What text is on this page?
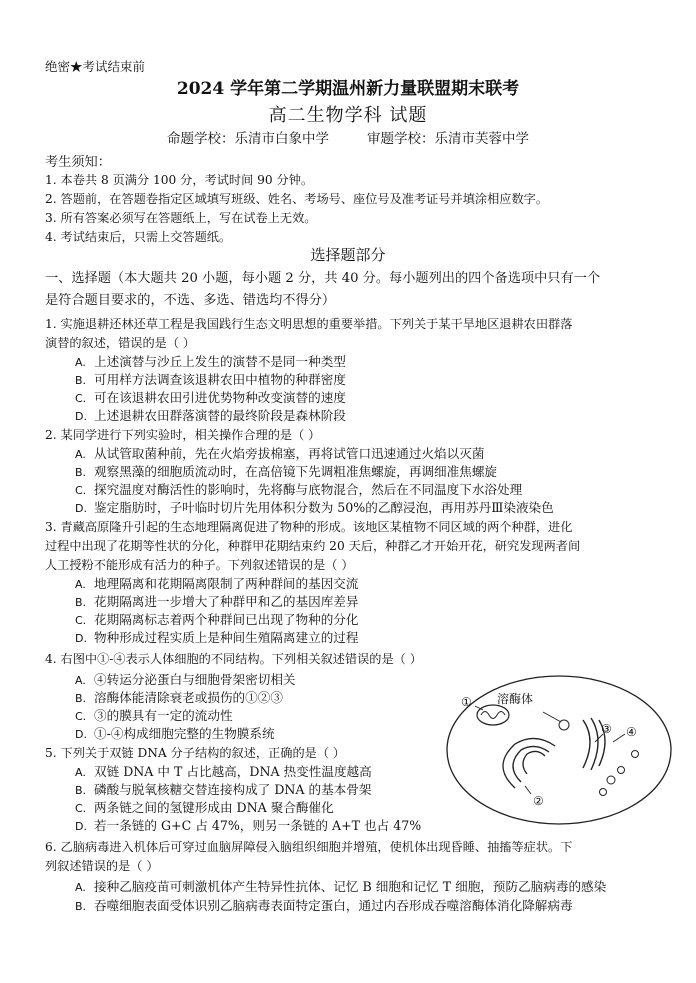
绝密★考试结束前
2024 学年第二学期温州新力量联盟期末联考
高二生物学科 试题
命题学校：乐清市白象中学	审题学校：乐清市芙蓉中学
考生须知：
1. 本卷共 8 页满分 100 分，考试时间 90 分钟。
2. 答题前，在答题卷指定区域填写班级、姓名、考场号、座位号及准考证号并填涂相应数字。
3. 所有答案必须写在答题纸上，写在试卷上无效。
4. 考试结束后，只需上交答题纸。
选择题部分
一、选择题（本大题共 20 小题，每小题 2 分，共 40 分。每小题列出的四个备选项中只有一个
是符合题目要求的，不选、多选、错选均不得分）
1. 实施退耕还林还草工程是我国践行生态文明思想的重要举措。下列关于某干旱地区退耕农田群落
演替的叙述，错误的是（ ）
A. 上述演替与沙丘上发生的演替不是同一种类型
B. 可用样方法调查该退耕农田中植物的种群密度
C. 可在该退耕农田引进优势物种改变演替的速度
D. 上述退耕农田群落演替的最终阶段是森林阶段
2. 某同学进行下列实验时，相关操作合理的是（ ）
A. 从试管取菌种前，先在火焰旁拔棉塞，再将试管口迅速通过火焰以灭菌
B. 观察黑藻的细胞质流动时，在高倍镜下先调粗准焦螺旋，再调细准焦螺旋
C. 探究温度对酶活性的影响时，先将酶与底物混合，然后在不同温度下水浴处理
D. 鉴定脂肪时，子叶临时切片先用体积分数为 50%的乙醇浸泡，再用苏丹Ⅲ染液染色
3. 青藏高原隆升引起的生态地理隔离促进了物种的形成。该地区某植物不同区域的两个种群，进化
过程中出现了花期等性状的分化，种群甲花期结束约 20 天后，种群乙才开始开花，研究发现两者间
人工授粉不能形成有活力的种子。下列叙述错误的是（ ）
A. 地理隔离和花期隔离限制了两种群间的基因交流
B. 花期隔离进一步增大了种群甲和乙的基因库差异
C. 花期隔离标志着两个种群间已出现了物种的分化
D. 物种形成过程实质上是种间生殖隔离建立的过程
4. 右图中①-④表示人体细胞的不同结构。下列相关叙述错误的是（ ）
A. ④转运分泌蛋白与细胞骨架密切相关
B. 溶酶体能清除衰老或损伤的①②③
C. ③的膜具有一定的流动性
D. ①-④构成细胞完整的生物膜系统
5. 下列关于双链 DNA 分子结构的叙述，正确的是（ ）
A. 双链 DNA 中 T 占比越高，DNA 热变性温度越高
B. 磷酸与脱氧核糖交替连接构成了 DNA 的基本骨架
C. 两条链之间的氢键形成由 DNA 聚合酶催化
D. 若一条链的 G+C 占 47%，则另一条链的 A+T 也占 47%
6. 乙脑病毒进入机体后可穿过血脑屏障侵入脑组织细胞并增殖，使机体出现昏睡、抽搐等症状。下
列叙述错误的是（ ）
A. 接种乙脑疫苗可刺激机体产生特异性抗体、记忆 B 细胞和记忆 T 细胞，预防乙脑病毒的感染
B. 吞噬细胞表面受体识别乙脑病毒表面特定蛋白，通过内吞形成吞噬溶酶体消化降解病毒
溶酶体
①
②
③ ④
